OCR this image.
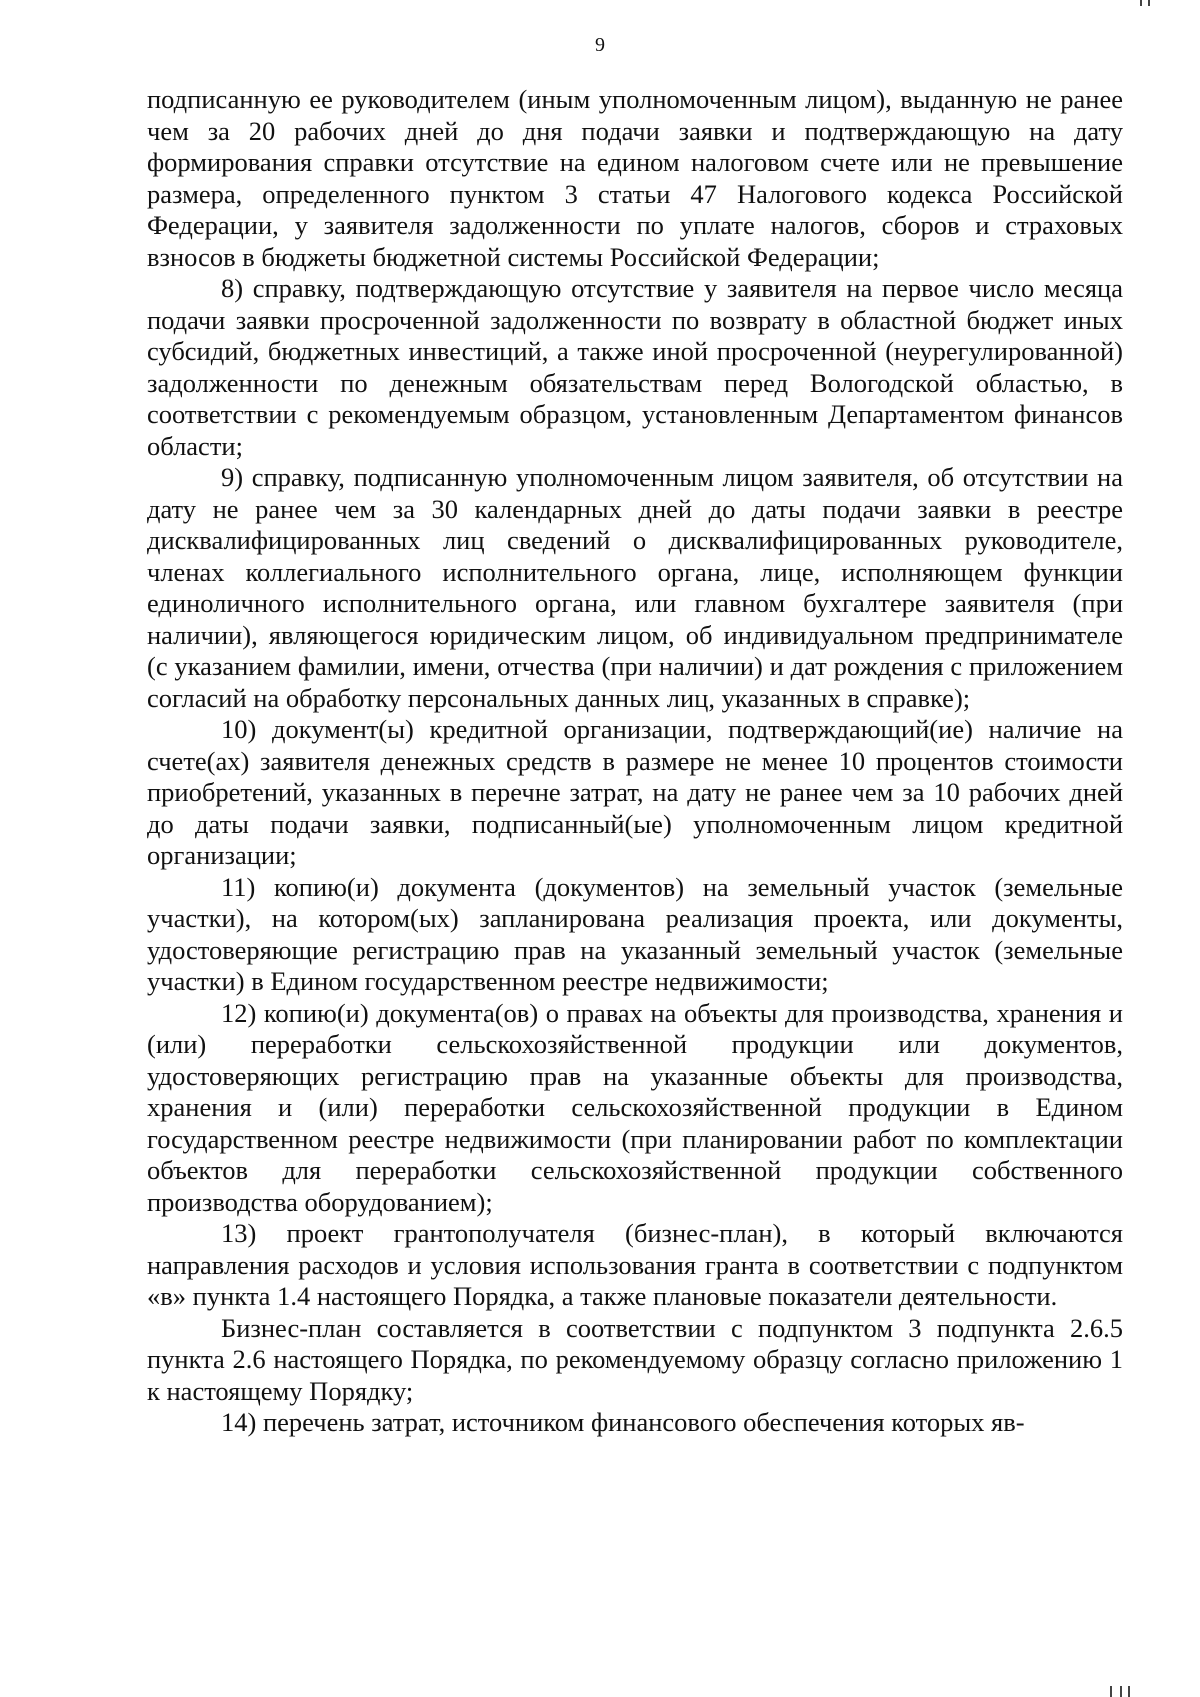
9

подписанную ее руководителем (иным уполномоченным лицом), выданную не ранее чем за 20 рабочих дней до дня подачи заявки и подтверждающую на дату формирования справки отсутствие на едином налоговом счете или не превышение размера, определенного пунктом 3 статьи 47 Налогового кодекса Российской Федерации, у заявителя задолженности по уплате налогов, сборов и страховых взносов в бюджеты бюджетной системы Российской Федерации;

8) справку, подтверждающую отсутствие у заявителя на первое число месяца подачи заявки просроченной задолженности по возврату в областной бюджет иных субсидий, бюджетных инвестиций, а также иной просроченной (неурегулированной) задолженности по денежным обязательствам перед Вологодской областью, в соответствии с рекомендуемым образцом, установленным Департаментом финансов области;

9) справку, подписанную уполномоченным лицом заявителя, об отсутствии на дату не ранее чем за 30 календарных дней до даты подачи заявки в реестре дисквалифицированных лиц сведений о дисквалифицированных руководителе, членах коллегиального исполнительного органа, лице, исполняющем функции единоличного исполнительного органа, или главном бухгалтере заявителя (при наличии), являющегося юридическим лицом, об индивидуальном предпринимателе (с указанием фамилии, имени, отчества (при наличии) и дат рождения с приложением согласий на обработку персональных данных лиц, указанных в справке);

10) документ(ы) кредитной организации, подтверждающий(ие) наличие на счете(ах) заявителя денежных средств в размере не менее 10 процентов стоимости приобретений, указанных в перечне затрат, на дату не ранее чем за 10 рабочих дней до даты подачи заявки, подписанный(ые) уполномоченным лицом кредитной организации;

11) копию(и) документа (документов) на земельный участок (земельные участки), на котором(ых) запланирована реализация проекта, или документы, удостоверяющие регистрацию прав на указанный земельный участок (земельные участки) в Едином государственном реестре недвижимости;

12) копию(и) документа(ов) о правах на объекты для производства, хранения и (или) переработки сельскохозяйственной продукции или документов, удостоверяющих регистрацию прав на указанные объекты для производства, хранения и (или) переработки сельскохозяйственной продукции в Едином государственном реестре недвижимости (при планировании работ по комплектации объектов для переработки сельскохозяйственной продукции собственного производства оборудованием);

13) проект грантополучателя (бизнес-план), в который включаются направления расходов и условия использования гранта в соответствии с подпунктом «в» пункта 1.4 настоящего Порядка, а также плановые показатели деятельности.

Бизнес-план составляется в соответствии с подпунктом 3 подпункта 2.6.5 пункта 2.6 настоящего Порядка, по рекомендуемому образцу согласно приложению 1 к настоящему Порядку;

14) перечень затрат, источником финансового обеспечения которых яв-
